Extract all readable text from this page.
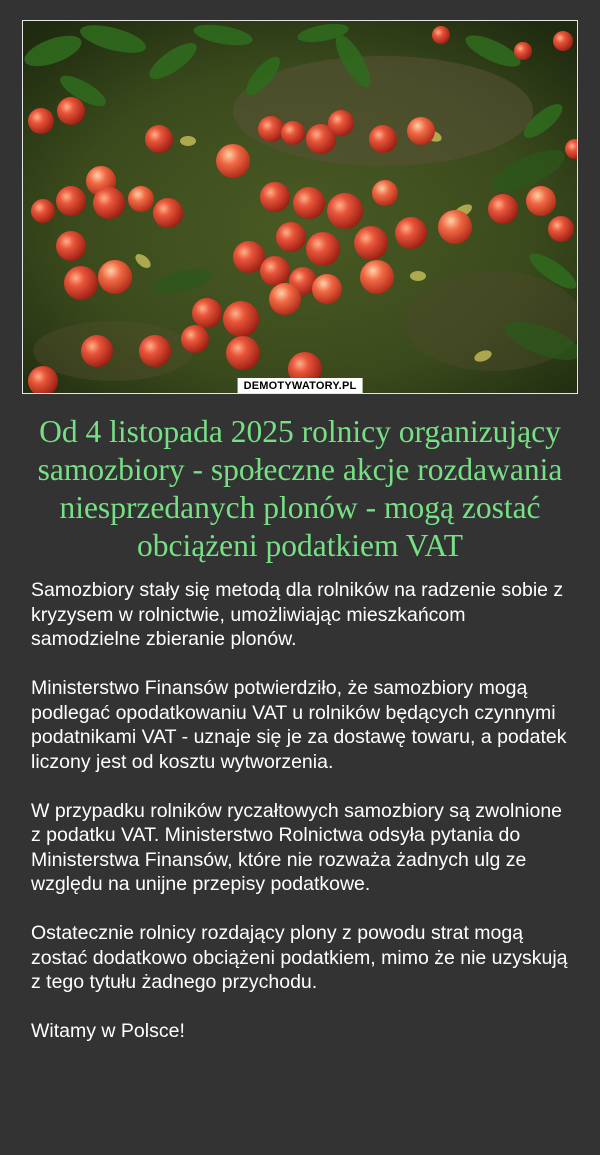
DEMOTYWATORY.PL
Od 4 listopada 2025 rolnicy organizujący samozbiory - społeczne akcje rozdawania niesprzedanych plonów - mogą zostać obciążeni podatkiem VAT

Samozbiory stały się metodą dla rolników na radzenie sobie z kryzysem w rolnictwie, umożliwiając mieszkańcom samodzielne zbieranie plonów.

Ministerstwo Finansów potwierdziło, że samozbiory mogą podlegać opodatkowaniu VAT u rolników będących czynnymi podatnikami VAT - uznaje się je za dostawę towaru, a podatek liczony jest od kosztu wytworzenia.

W przypadku rolników ryczałtowych samozbiory są zwolnione z podatku VAT. Ministerstwo Rolnictwa odsyła pytania do Ministerstwa Finansów, które nie rozważa żadnych ulg ze względu na unijne przepisy podatkowe.

Ostatecznie rolnicy rozdający plony z powodu strat mogą zostać dodatkowo obciążeni podatkiem, mimo że nie uzyskują z tego tytułu żadnego przychodu.

Witamy w Polsce!
